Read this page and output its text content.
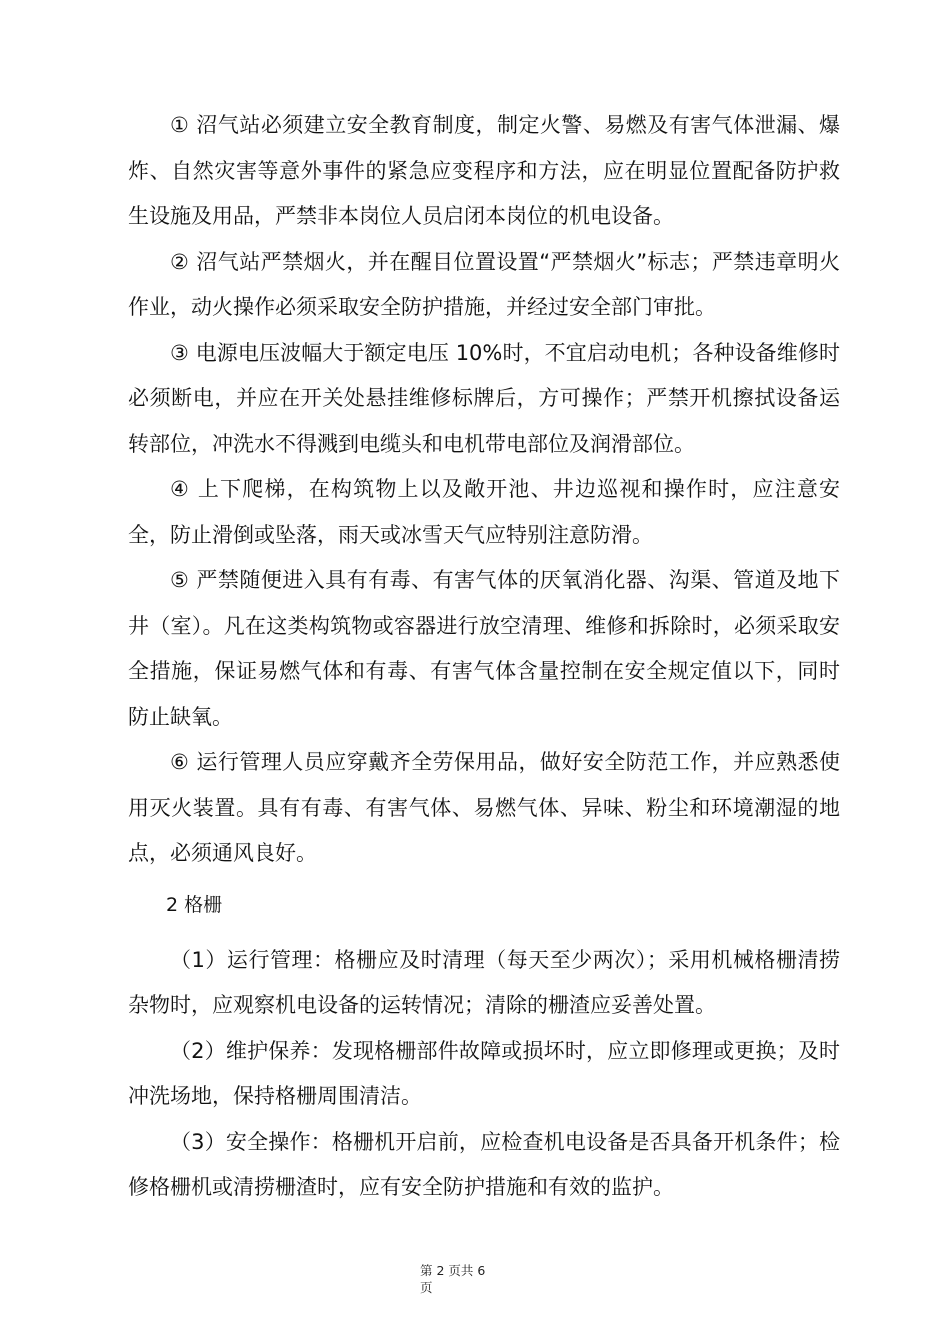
① 沼气站必须建立安全教育制度，制定火警、易燃及有害气体泄漏、爆炸、自然灾害等意外事件的紧急应变程序和方法，应在明显位置配备防护救生设施及用品，严禁非本岗位人员启闭本岗位的机电设备。

② 沼气站严禁烟火，并在醒目位置设置“严禁烟火”标志；严禁违章明火作业，动火操作必须采取安全防护措施，并经过安全部门审批。

③ 电源电压波幅大于额定电压 10%时，不宜启动电机；各种设备维修时必须断电，并应在开关处悬挂维修标牌后，方可操作；严禁开机擦拭设备运转部位，冲洗水不得溅到电缆头和电机带电部位及润滑部位。

④ 上下爬梯，在构筑物上以及敞开池、井边巡视和操作时，应注意安全，防止滑倒或坠落，雨天或冰雪天气应特别注意防滑。

⑤ 严禁随便进入具有有毒、有害气体的厌氧消化器、沟渠、管道及地下井（室）。凡在这类构筑物或容器进行放空清理、维修和拆除时，必须采取安全措施，保证易燃气体和有毒、有害气体含量控制在安全规定值以下，同时防止缺氧。

⑥ 运行管理人员应穿戴齐全劳保用品，做好安全防范工作，并应熟悉使用灭火装置。具有有毒、有害气体、易燃气体、异味、粉尘和环境潮湿的地点，必须通风良好。

2 格栅

（1）运行管理：格栅应及时清理（每天至少两次）；采用机械格栅清捞杂物时，应观察机电设备的运转情况；清除的栅渣应妥善处置。

（2）维护保养：发现格栅部件故障或损坏时，应立即修理或更换；及时冲洗场地，保持格栅周围清洁。

（3）安全操作：格栅机开启前，应检查机电设备是否具备开机条件；检修格栅机或清捞栅渣时，应有安全防护措施和有效的监护。

第 2 页共 6
页
